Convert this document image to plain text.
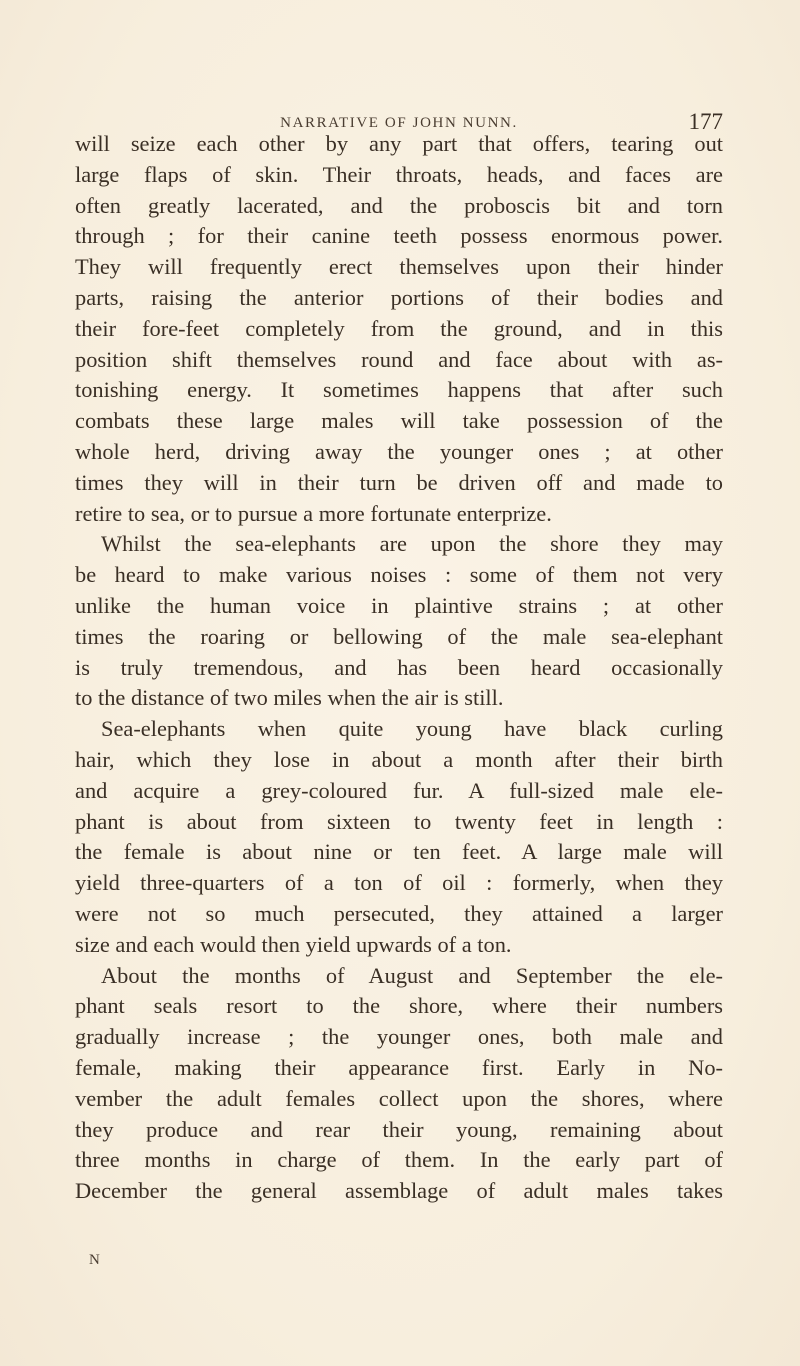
NARRATIVE OF JOHN NUNN.	177
will seize each other by any part that offers, tearing out
large flaps of skin. Their throats, heads, and faces are
often greatly lacerated, and the proboscis bit and torn
through ; for their canine teeth possess enormous power.
They will frequently erect themselves upon their hinder
parts, raising the anterior portions of their bodies and
their fore-feet completely from the ground, and in this
position shift themselves round and face about with as-
tonishing energy. It sometimes happens that after such
combats these large males will take possession of the
whole herd, driving away the younger ones ; at other
times they will in their turn be driven off and made to
retire to sea, or to pursue a more fortunate enterprize.
Whilst the sea-elephants are upon the shore they may
be heard to make various noises : some of them not very
unlike the human voice in plaintive strains ; at other
times the roaring or bellowing of the male sea-elephant
is truly tremendous, and has been heard occasionally
to the distance of two miles when the air is still.
Sea-elephants when quite young have black curling
hair, which they lose in about a month after their birth
and acquire a grey-coloured fur. A full-sized male ele-
phant is about from sixteen to twenty feet in length :
the female is about nine or ten feet. A large male will
yield three-quarters of a ton of oil : formerly, when they
were not so much persecuted, they attained a larger
size and each would then yield upwards of a ton.
About the months of August and September the ele-
phant seals resort to the shore, where their numbers
gradually increase ; the younger ones, both male and
female, making their appearance first. Early in No-
vember the adult females collect upon the shores, where
they produce and rear their young, remaining about
three months in charge of them. In the early part of
December the general assemblage of adult males takes
N
